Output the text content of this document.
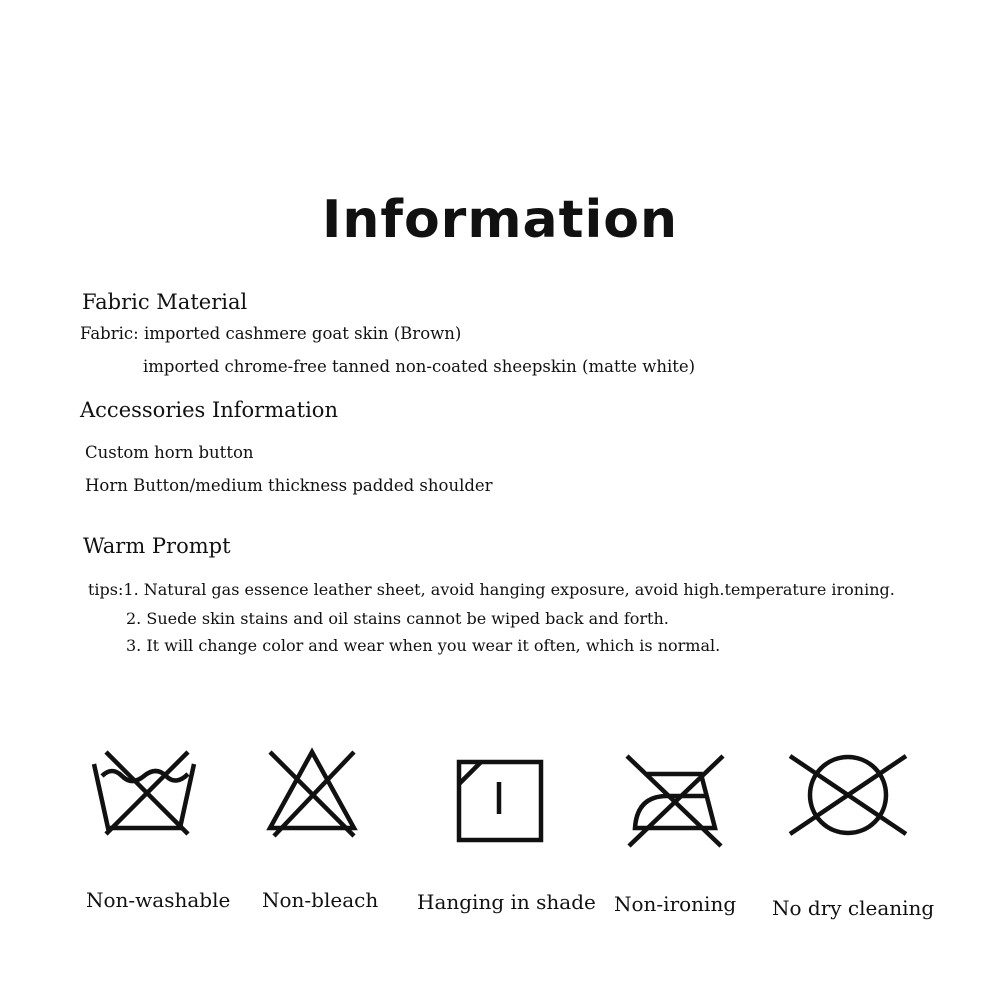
Information
Fabric Material
Fabric: imported cashmere goat skin (Brown)
imported chrome-free tanned non-coated sheepskin (matte white)
Accessories Information
Custom horn button
Horn Button/medium thickness padded shoulder
Warm Prompt
tips:1. Natural gas essence leather sheet, avoid hanging exposure, avoid high.temperature ironing.
2. Suede skin stains and oil stains cannot be wiped back and forth.
3. It will change color and wear when you wear it often, which is normal.
Non-washable Non-bleach Hanging in shade Non-ironing No dry cleaning
